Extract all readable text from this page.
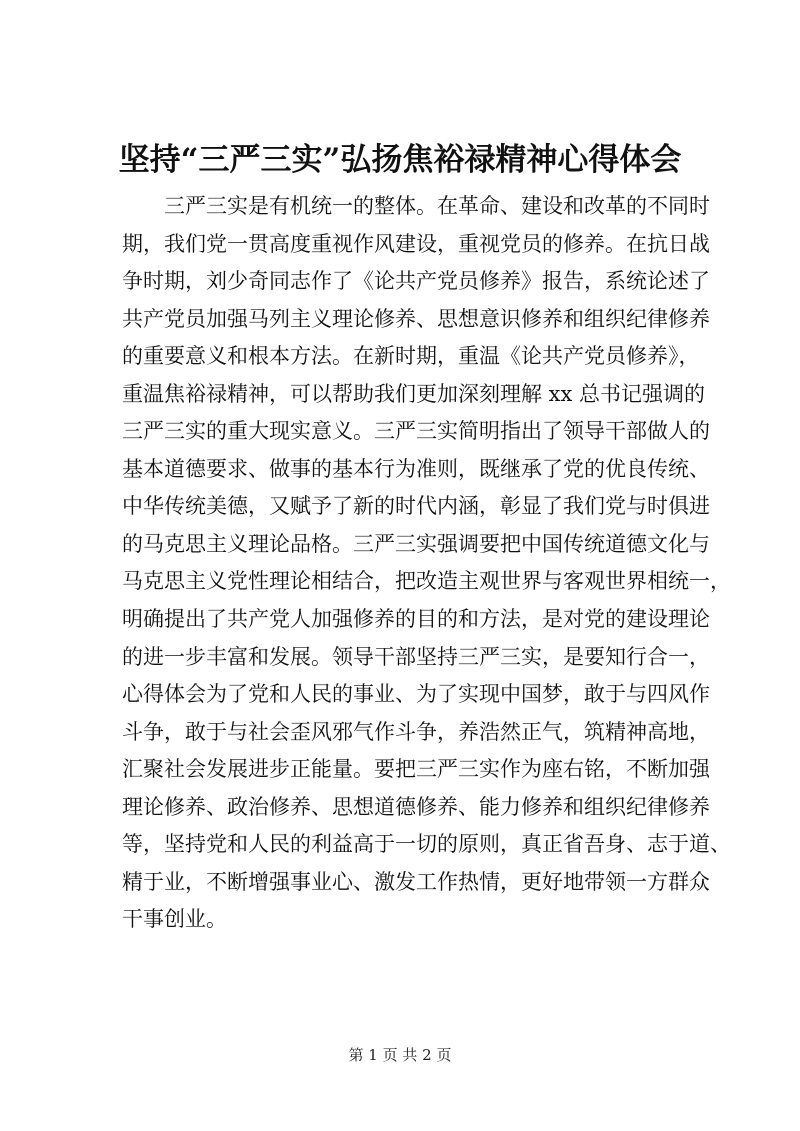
坚持“三严三实”弘扬焦裕禄精神心得体会
三严三实是有机统一的整体。在革命、建设和改革的不同时
期，我们党一贯高度重视作风建设，重视党员的修养。在抗日战
争时期，刘少奇同志作了《论共产党员修养》报告，系统论述了
共产党员加强马列主义理论修养、思想意识修养和组织纪律修养
的重要意义和根本方法。在新时期，重温《论共产党员修养》，
重温焦裕禄精神，可以帮助我们更加深刻理解 xx 总书记强调的
三严三实的重大现实意义。三严三实简明指出了领导干部做人的
基本道德要求、做事的基本行为准则，既继承了党的优良传统、
中华传统美德，又赋予了新的时代内涵，彰显了我们党与时俱进
的马克思主义理论品格。三严三实强调要把中国传统道德文化与
马克思主义党性理论相结合，把改造主观世界与客观世界相统一，
明确提出了共产党人加强修养的目的和方法，是对党的建设理论
的进一步丰富和发展。领导干部坚持三严三实，是要知行合一，
心得体会为了党和人民的事业、为了实现中国梦，敢于与四风作
斗争，敢于与社会歪风邪气作斗争，养浩然正气，筑精神高地，
汇聚社会发展进步正能量。要把三严三实作为座右铭，不断加强
理论修养、政治修养、思想道德修养、能力修养和组织纪律修养
等，坚持党和人民的利益高于一切的原则，真正省吾身、志于道、
精于业，不断增强事业心、激发工作热情，更好地带领一方群众
干事创业。
第 1 页 共 2 页
